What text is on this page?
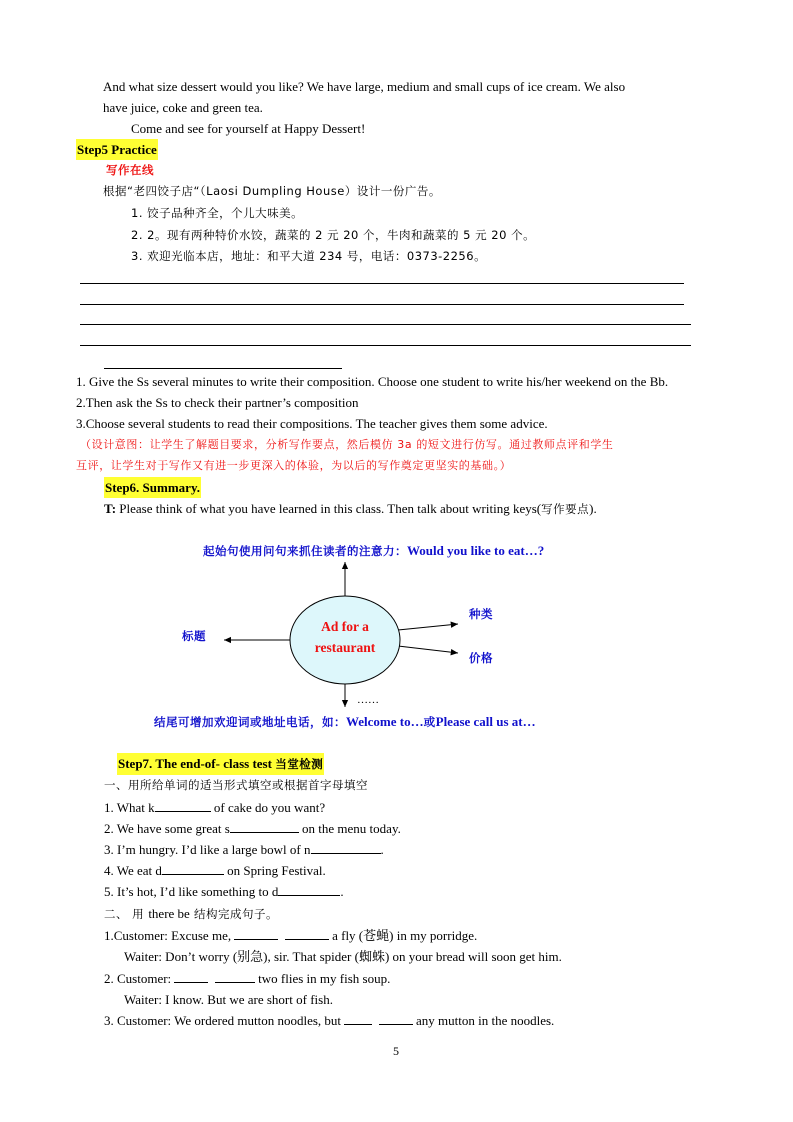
And what size dessert would you like? We have large, medium and small cups of ice cream. We also
have juice, coke and green tea.
Come and see for yourself at Happy Dessert!
Step5 Practice
写作在线
根据“老四饺子店“（Laosi Dumpling House）设计一份广告。
1. 饺子品种齐全，个儿大味美。
2. 2。现有两种特价水饺，蔬菜的 2 元 20 个，牛肉和蔬菜的 5 元 20 个。
3. 欢迎光临本店，地址：和平大道 234 号，电话：0373-2256。
1. Give the Ss several minutes to write their composition. Choose one student to write his/her weekend on the Bb.
2.Then ask the Ss to check their partner’s composition
3.Choose several students to read their compositions. The teacher gives them some advice.
（设计意图：让学生了解题目要求，分析写作要点，然后模仿 3a 的短文进行仿写。通过教师点评和学生
互评，让学生对于写作又有进一步更深入的体验，为以后的写作奠定更坚实的基础。）
Step6. Summary.
T: Please think of what you have learned in this class. Then talk about writing keys(写作要点).
起始句使用问句来抓住读者的注意力：Would you like to eat…?
Ad for a
restaurant
标题
种类
价格
……
结尾可增加欢迎词或地址电话，如：Welcome to…或Please call us at…
Step7. The end-of- class test 当堂检测
一、用所给单词的适当形式填空或根据首字母填空
1. What k	of cake do you want?
2. We have some great s	on the menu today.
3. I’m hungry. I’d like a large bowl of n	.
4. We eat d	on Spring Festival.
5. It’s hot, I’d like something to d	.
二、 用 there be 结构完成句子。
1.Customer: Excuse me,	a fly (苍蝇) in my porridge.
Waiter: Don’t worry (别急), sir. That spider (蜘蛛) on your bread will soon get him.
2. Customer:	two flies in my fish soup.
Waiter: I know. But we are short of fish.
3. Customer: We ordered mutton noodles, but	any mutton in the noodles.
5
